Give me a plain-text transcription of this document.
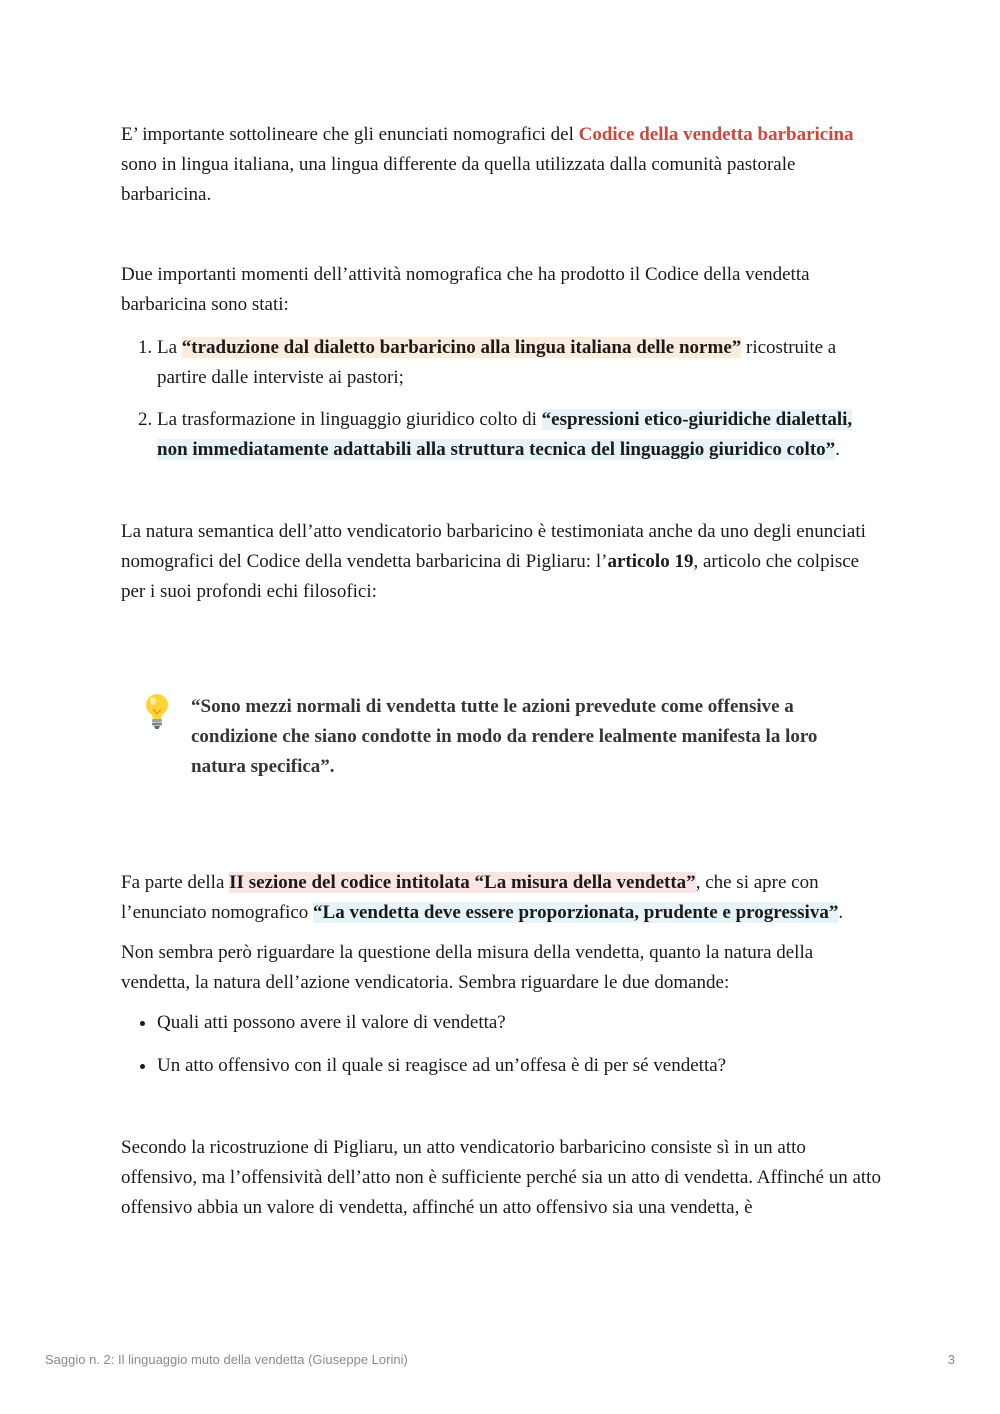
E’ importante sottolineare che gli enunciati nomografici del Codice della vendetta barbaricina sono in lingua italiana, una lingua differente da quella utilizzata dalla comunità pastorale barbaricina.

Due importanti momenti dell’attività nomografica che ha prodotto il Codice della vendetta barbaricina sono stati:

1. La “traduzione dal dialetto barbaricino alla lingua italiana delle norme” ricostruite a partire dalle interviste ai pastori;
2. La trasformazione in linguaggio giuridico colto di “espressioni etico-giuridiche dialettali, non immediatamente adattabili alla struttura tecnica del linguaggio giuridico colto”.

La natura semantica dell’atto vendicatorio barbaricino è testimoniata anche da uno degli enunciati nomografici del Codice della vendetta barbaricina di Pigliaru: l’articolo 19, articolo che colpisce per i suoi profondi echi filosofici:

“Sono mezzi normali di vendetta tutte le azioni prevedute come offensive a condizione che siano condotte in modo da rendere lealmente manifesta la loro natura specifica”.

Fa parte della II sezione del codice intitolata “La misura della vendetta”, che si apre con l’enunciato nomografico “La vendetta deve essere proporzionata, prudente e progressiva”.

Non sembra però riguardare la questione della misura della vendetta, quanto la natura della vendetta, la natura dell’azione vendicatoria. Sembra riguardare le due domande:

• Quali atti possono avere il valore di vendetta?
• Un atto offensivo con il quale si reagisce ad un’offesa è di per sé vendetta?

Secondo la ricostruzione di Pigliaru, un atto vendicatorio barbaricino consiste sì in un atto offensivo, ma l’offensività dell’atto non è sufficiente perché sia un atto di vendetta. Affinché un atto offensivo abbia un valore di vendetta, affinché un atto offensivo sia una vendetta, è

Saggio n. 2: Il linguaggio muto della vendetta (Giuseppe Lorini)	3
